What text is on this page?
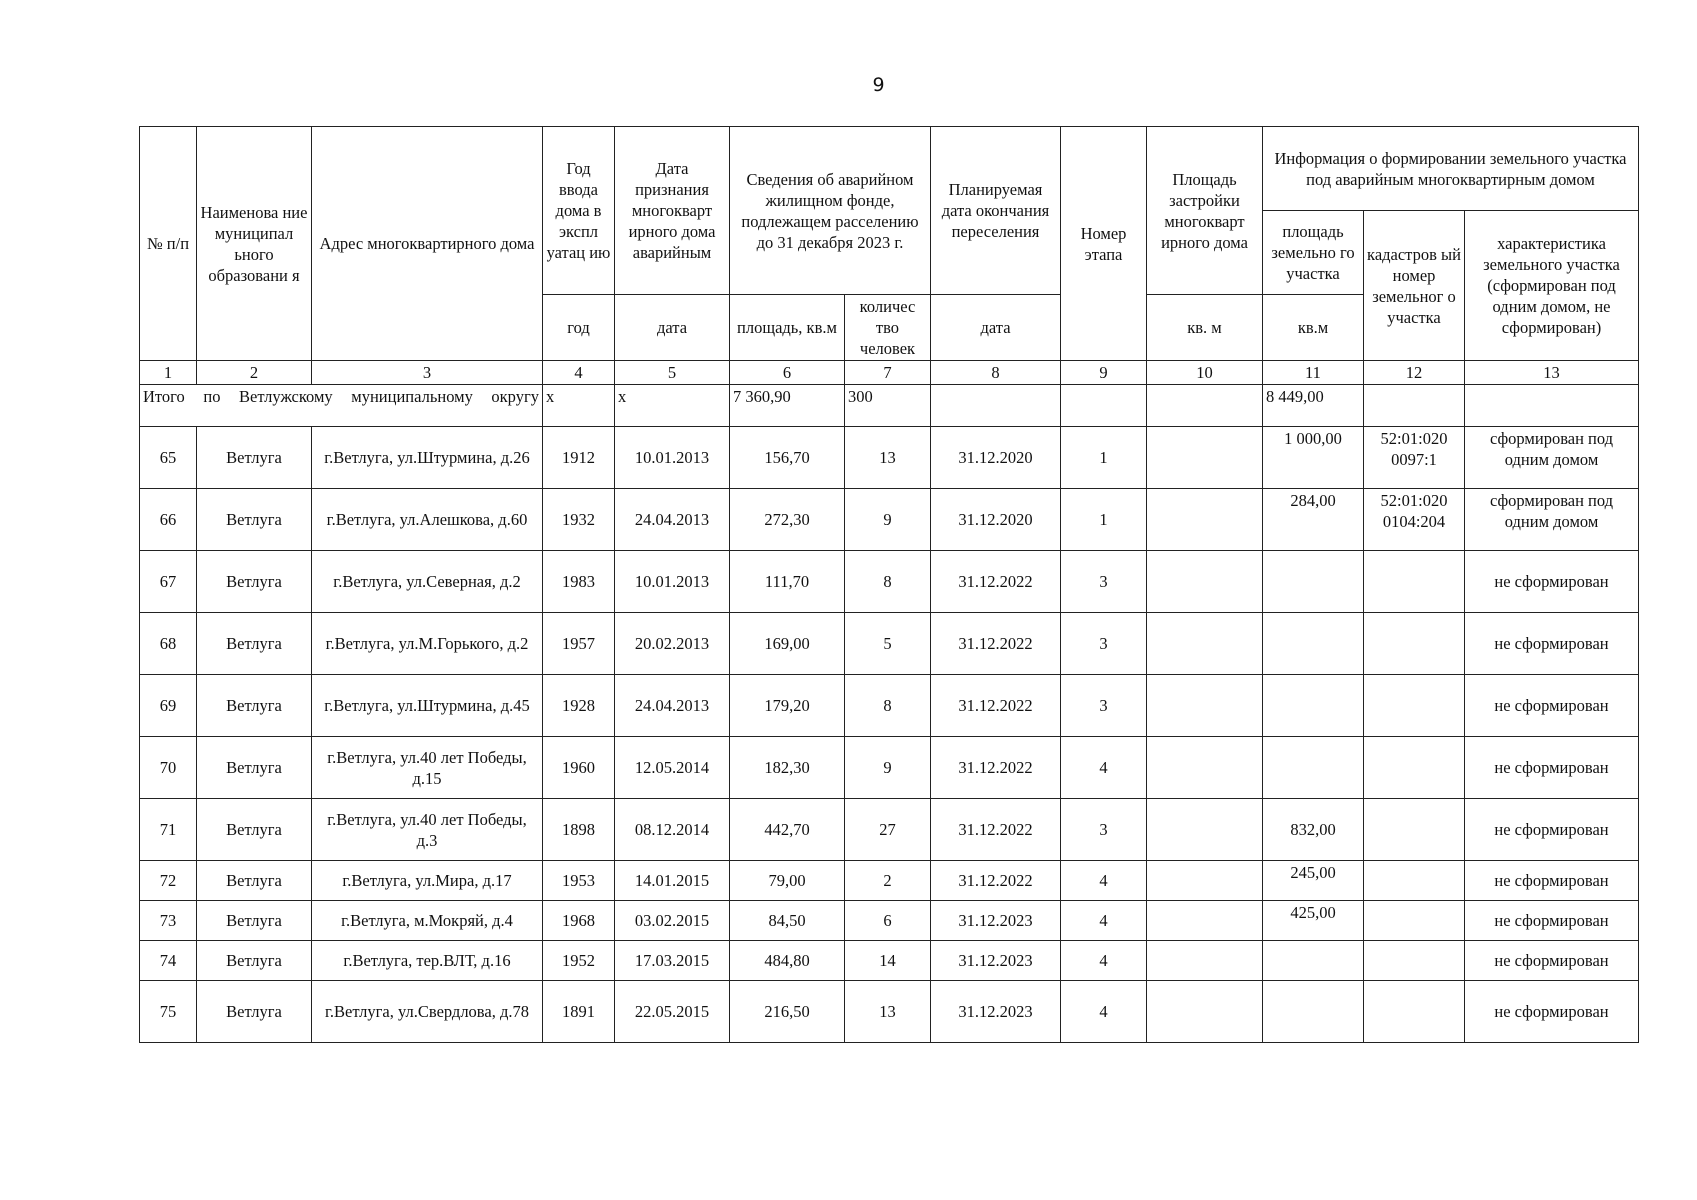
9
№ п/п	Наименова ние муниципал ьного образовани я	Адрес многоквартирного дома	Год ввода дома в экспл уатац ию	Дата признания многокварт ирного дома аварийным	Сведения об аварийном жилищном фонде, подлежащем расселению до 31 декабря 2023 г.		Планируемая дата окончания переселения	Номер этапа	Площадь застройки многокварт ирного дома	Информация о формировании земельного участка под аварийным многоквартирным домом		
										площадь земельно го участка	кадастров ый номер земельног о участка	характеристика земельного участка (сформирован под одним домом, не сформирован)
			год	дата	площадь, кв.м	количес тво человек	дата		кв. м	кв.м		
1	2	3	4	5	6	7	8	9	10	11	12	13
Итого по Ветлужскому муниципальному округу			х	х	7 360,90	300				8 449,00		
65	Ветлуга	г.Ветлуга, ул.Штурмина, д.26	1912	10.01.2013	156,70	13	31.12.2020	1		1 000,00	52:01:020 0097:1	сформирован под одним домом
66	Ветлуга	г.Ветлуга, ул.Алешкова, д.60	1932	24.04.2013	272,30	9	31.12.2020	1		284,00	52:01:020 0104:204	сформирован под одним домом
67	Ветлуга	г.Ветлуга, ул.Северная, д.2	1983	10.01.2013	111,70	8	31.12.2022	3				не сформирован
68	Ветлуга	г.Ветлуга, ул.М.Горького, д.2	1957	20.02.2013	169,00	5	31.12.2022	3				не сформирован
69	Ветлуга	г.Ветлуга, ул.Штурмина, д.45	1928	24.04.2013	179,20	8	31.12.2022	3				не сформирован
70	Ветлуга	г.Ветлуга, ул.40 лет Победы, д.15	1960	12.05.2014	182,30	9	31.12.2022	4				не сформирован
71	Ветлуга	г.Ветлуга, ул.40 лет Победы, д.3	1898	08.12.2014	442,70	27	31.12.2022	3		832,00		не сформирован
72	Ветлуга	г.Ветлуга, ул.Мира, д.17	1953	14.01.2015	79,00	2	31.12.2022	4		245,00		не сформирован
73	Ветлуга	г.Ветлуга, м.Мокряй, д.4	1968	03.02.2015	84,50	6	31.12.2023	4		425,00		не сформирован
74	Ветлуга	г.Ветлуга, тер.ВЛТ, д.16	1952	17.03.2015	484,80	14	31.12.2023	4				не сформирован
75	Ветлуга	г.Ветлуга, ул.Свердлова, д.78	1891	22.05.2015	216,50	13	31.12.2023	4				не сформирован
